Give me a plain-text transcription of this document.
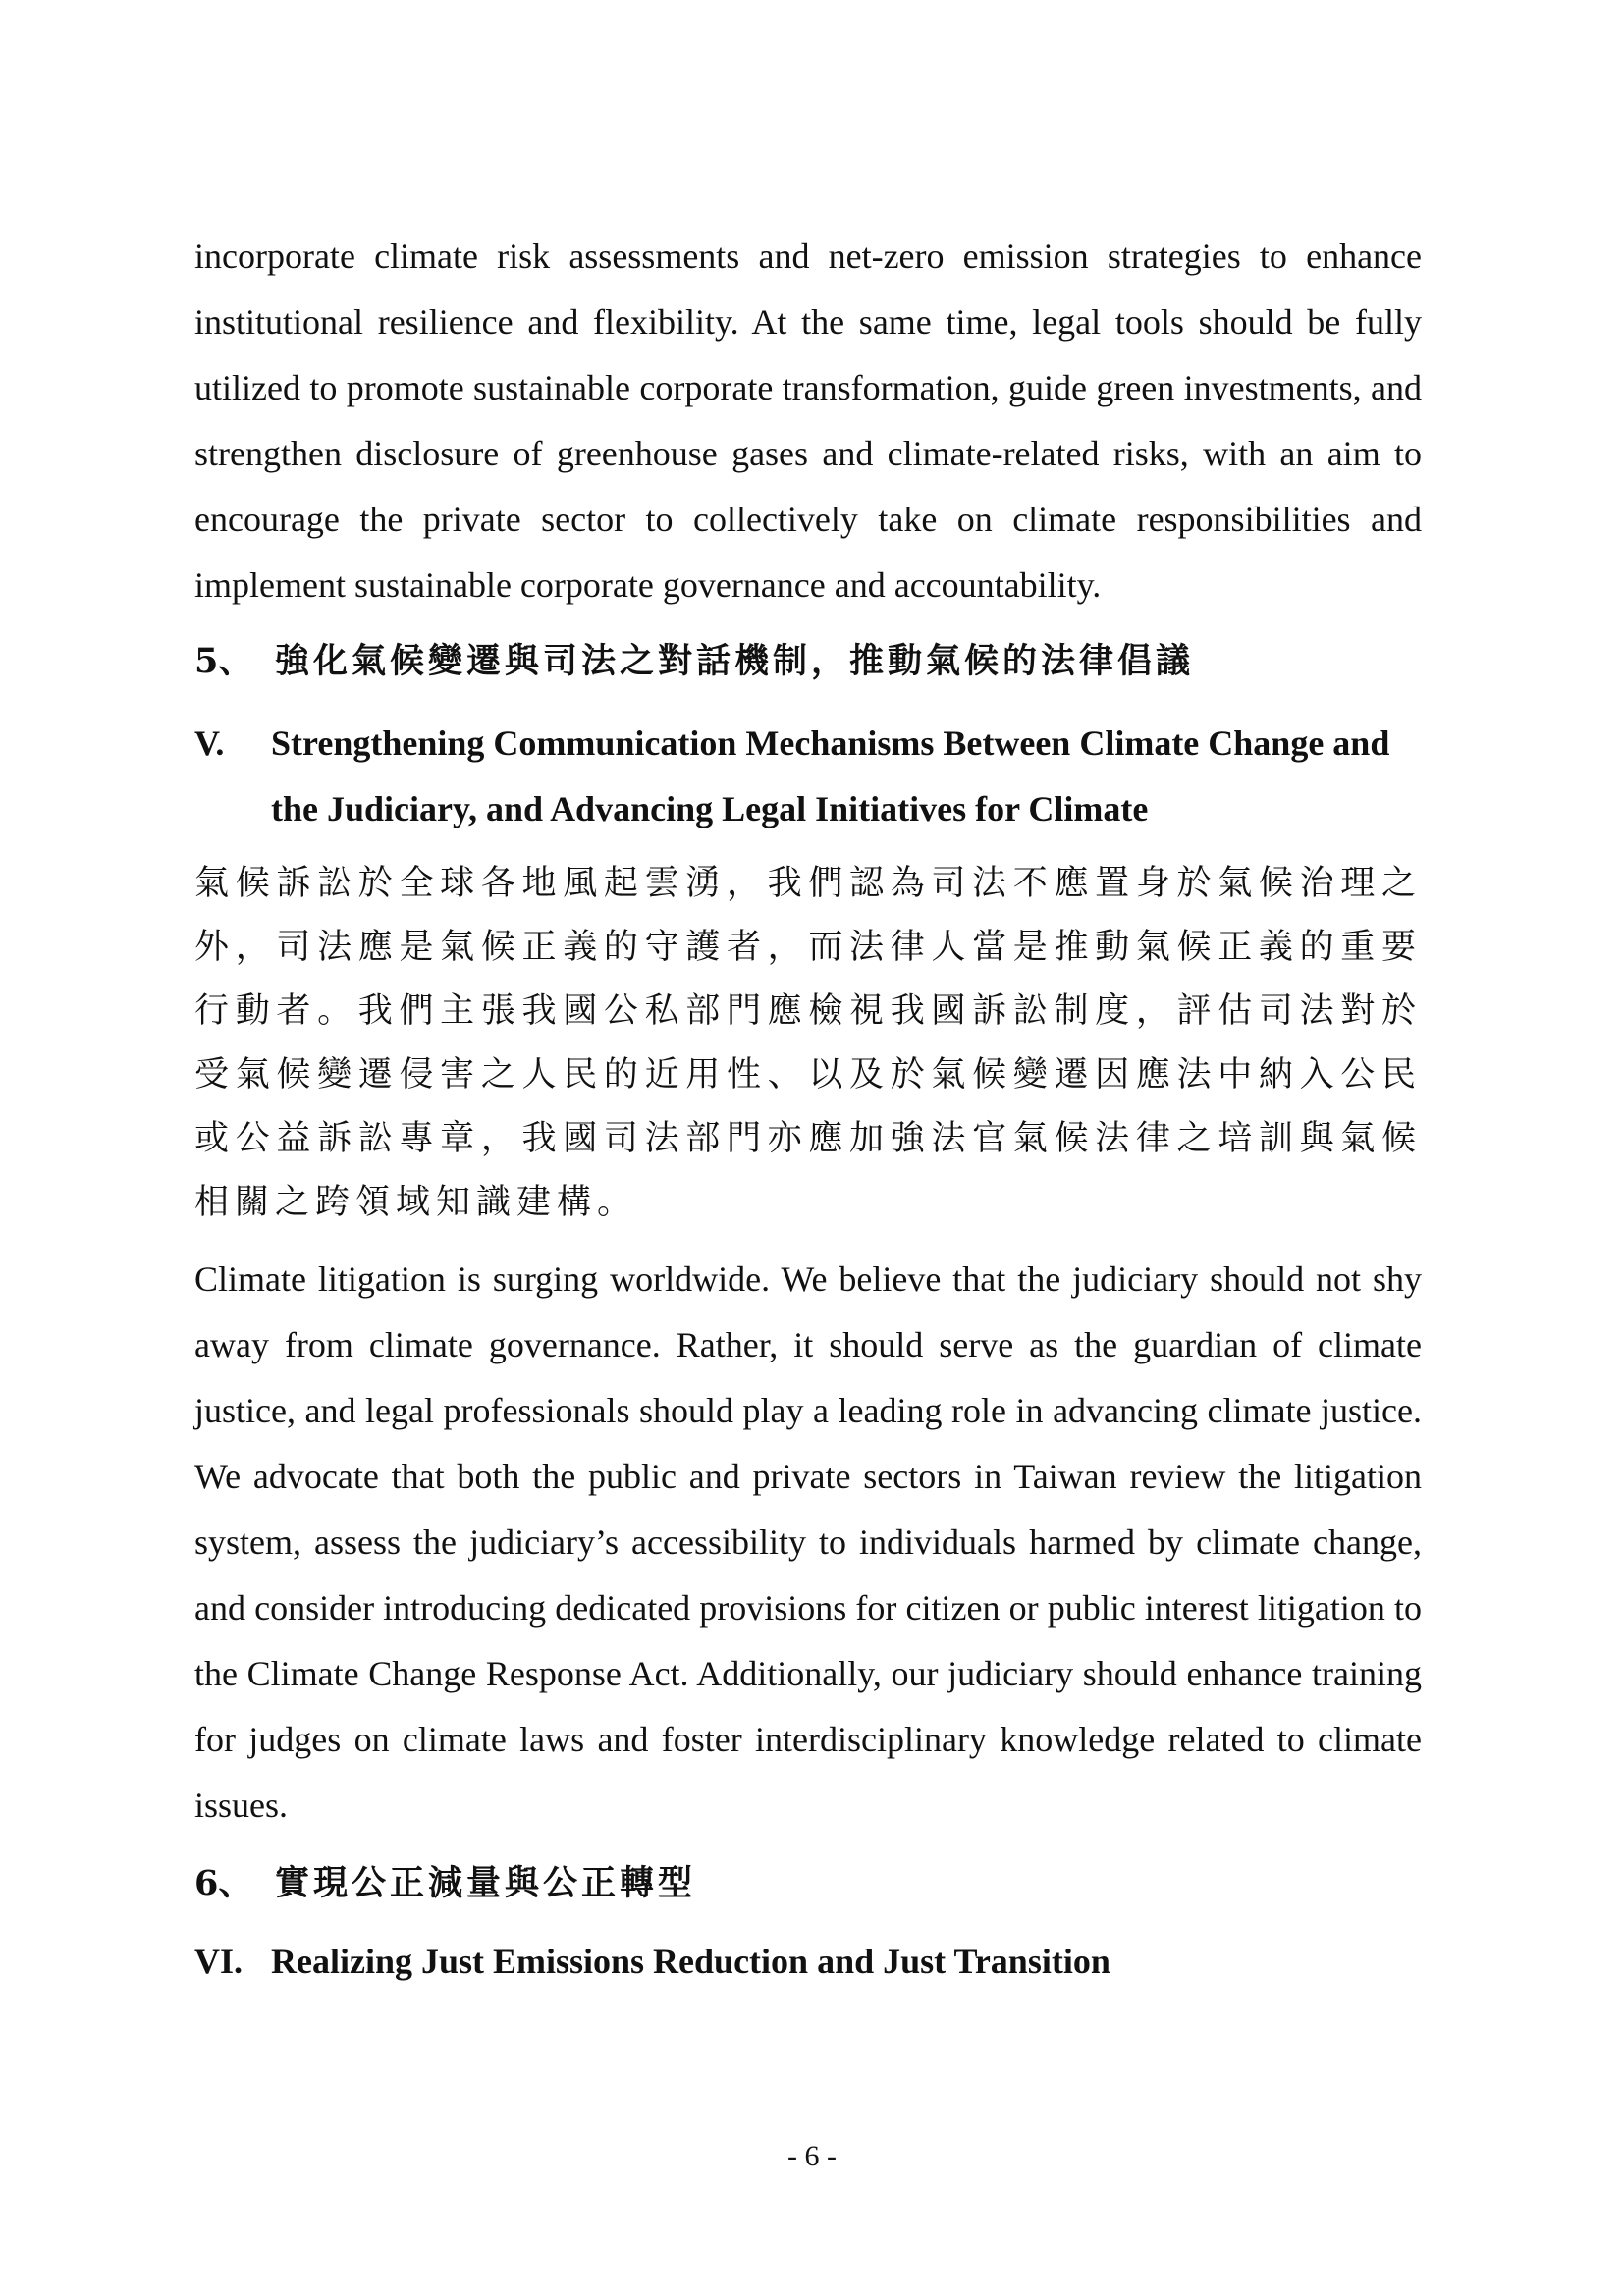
incorporate climate risk assessments and net-zero emission strategies to enhance institutional resilience and flexibility. At the same time, legal tools should be fully utilized to promote sustainable corporate transformation, guide green investments, and strengthen disclosure of greenhouse gases and climate-related risks, with an aim to encourage the private sector to collectively take on climate responsibilities and implement sustainable corporate governance and accountability.

5、 強化氣候變遷與司法之對話機制，推動氣候的法律倡議
V.	Strengthening Communication Mechanisms Between Climate Change and the Judiciary, and Advancing Legal Initiatives for Climate

氣候訴訟於全球各地風起雲湧，我們認為司法不應置身於氣候治理之外，司法應是氣候正義的守護者，而法律人當是推動氣候正義的重要行動者。我們主張我國公私部門應檢視我國訴訟制度，評估司法對於受氣候變遷侵害之人民的近用性、以及於氣候變遷因應法中納入公民或公益訴訟專章，我國司法部門亦應加強法官氣候法律之培訓與氣候相關之跨領域知識建構。

Climate litigation is surging worldwide. We believe that the judiciary should not shy away from climate governance. Rather, it should serve as the guardian of climate justice, and legal professionals should play a leading role in advancing climate justice. We advocate that both the public and private sectors in Taiwan review the litigation system, assess the judiciary’s accessibility to individuals harmed by climate change, and consider introducing dedicated provisions for citizen or public interest litigation to the Climate Change Response Act. Additionally, our judiciary should enhance training for judges on climate laws and foster interdisciplinary knowledge related to climate issues.

6、 實現公正減量與公正轉型
VI. Realizing Just Emissions Reduction and Just Transition
- 6 -
